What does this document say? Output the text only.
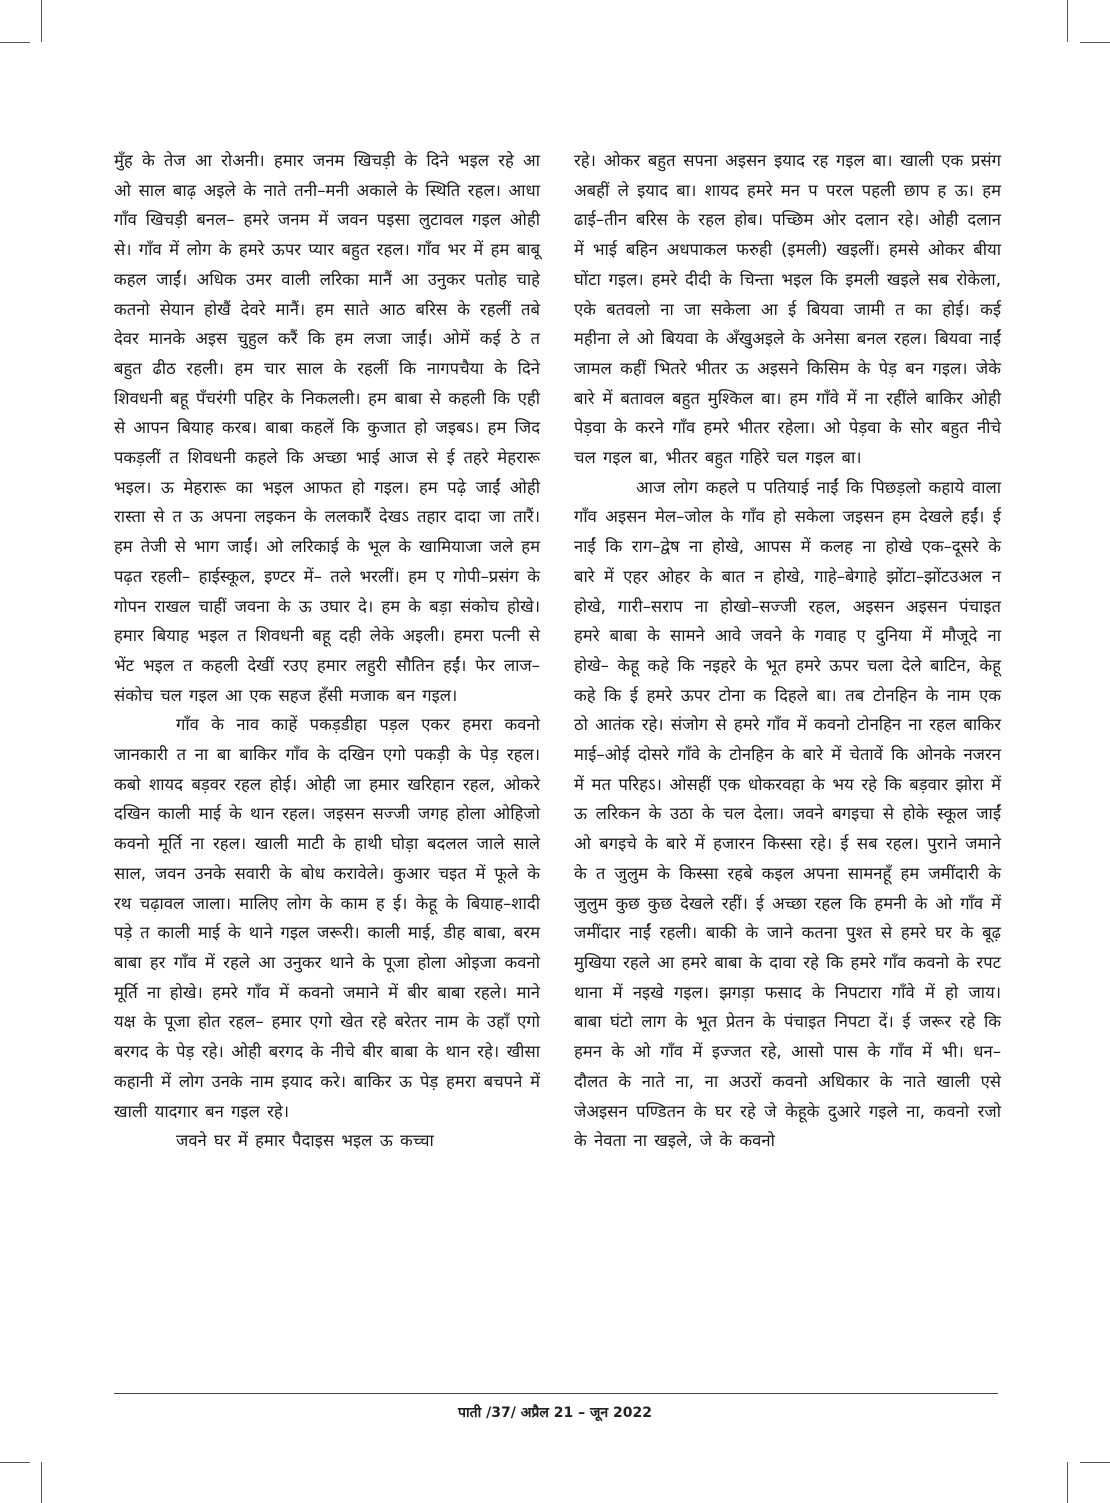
मुँह के तेज आ रोअनी। हमार जनम खिचड़ी के दिने भइल रहे आ ओ साल बाढ़ अइले के नाते तनी–मनी अकाले के स्थिति रहल। आधा गाँव खिचड़ी बनल– हमरे जनम में जवन पइसा लुटावल गइल ओही से। गाँव में लोग के हमरे ऊपर प्यार बहुत रहल। गाँव भर में हम बाबू कहल जाईं। अधिक उमर वाली लरिका मानैं आ उनुकर पतोह चाहे कतनो सेयान होखैं देवरे मानैं। हम साते आठ बरिस के रहलीं तबे देवर मानके अइस चुहुल करैं कि हम लजा जाईं। ओमें कई ठे त बहुत ढीठ रहली। हम चार साल के रहलीं कि नागपचैया के दिने शिवधनी बहू पँचरंगी पहिर के निकलली। हम बाबा से कहली कि एही से आपन बियाह करब। बाबा कहलें कि कुजात हो जइबऽ। हम जिद पकड़लीं त शिवधनी कहले कि अच्छा भाई आज से ई तहरे मेहरारू भइल। ऊ मेहरारू का भइल आफत हो गइल। हम पढ़े जाईं ओही रास्ता से त ऊ अपना लइकन के ललकारैं देखऽ तहार दादा जा तारैं। हम तेजी से भाग जाईं। ओ लरिकाई के भूल के खामियाजा जले हम पढ़त रहली– हाईस्कूल, इण्टर में– तले भरलीं। हम ए गोपी–प्रसंग के गोपन राखल चाहीं जवना के ऊ उघार दे। हम के बड़ा संकोच होखे। हमार बियाह भइल त शिवधनी बहू दही लेके अइली। हमरा पत्नी से भेंट भइल त कहली देखीं रउए हमार लहुरी सौतिन हईं। फेर लाज–संकोच चल गइल आ एक सहज हँसी मजाक बन गइल।

गाँव के नाव काहें पकड़डीहा पड़ल एकर हमरा कवनो जानकारी त ना बा बाकिर गाँव के दखिन एगो पकड़ी के पेड़ रहल। कबो शायद बड़वर रहल होई। ओही जा हमार खरिहान रहल, ओकरे दखिन काली माई के थान रहल। जइसन सज्जी जगह होला ओहिजो कवनो मूर्ति ना रहल। खाली माटी के हाथी घोड़ा बदलल जाले साले साल, जवन उनके सवारी के बोध करावेले। कुआर चइत में फूले के रथ चढ़ावल जाला। मालिए लोग के काम ह ई। केहू के बियाह–शादी पड़े त काली माई के थाने गइल जरूरी। काली माई, डीह बाबा, बरम बाबा हर गाँव में रहले आ उनुकर थाने के पूजा होला ओइजा कवनो मूर्ति ना होखे। हमरे गाँव में कवनो जमाने में बीर बाबा रहले। माने यक्ष के पूजा होत रहल– हमार एगो खेत रहे बरेतर नाम के उहाँ एगो बरगद के पेड़ रहे। ओही बरगद के नीचे बीर बाबा के थान रहे। खीसा कहानी में लोग उनके नाम इयाद करे। बाकिर ऊ पेड़ हमरा बचपने में खाली यादगार बन गइल रहे।

जवने घर में हमार पैदाइस भइल ऊ कच्चा

रहे। ओकर बहुत सपना अइसन इयाद रह गइल बा। खाली एक प्रसंग अबहीं ले इयाद बा। शायद हमरे मन प परल पहली छाप ह ऊ। हम ढाई–तीन बरिस के रहल होब। पच्छिम ओर दलान रहे। ओही दलान में भाई बहिन अधपाकल फरुही (इमली) खइलीं। हमसे ओकर बीया घोंटा गइल। हमरे दीदी के चिन्ता भइल कि इमली खइले सब रोकेला, एके बतवलो ना जा सकेला आ ई बियवा जामी त का होई। कई महीना ले ओ बियवा के अँखुअइले के अनेसा बनल रहल। बियवा नाईं जामल कहीं भितरे भीतर ऊ अइसने किसिम के पेड़ बन गइल। जेके बारे में बतावल बहुत मुश्किल बा। हम गाँवे में ना रहींले बाकिर ओही पेड़वा के करने गाँव हमरे भीतर रहेला। ओ पेड़वा के सोर बहुत नीचे चल गइल बा, भीतर बहुत गहिरे चल गइल बा।

आज लोग कहले प पतियाई नाईं कि पिछड़लो कहाये वाला गाँव अइसन मेल–जोल के गाँव हो सकेला जइसन हम देखले हईं। ई नाईं कि राग–द्वेष ना होखे, आपस में कलह ना होखे एक–दूसरे के बारे में एहर ओहर के बात न होखे, गाहे–बेगाहे झोंटा–झोंटउअल न होखे, गारी–सराप ना होखो–सज्जी रहल, अइसन अइसन पंचाइत हमरे बाबा के सामने आवे जवने के गवाह ए दुनिया में मौजूदे ना होखे– केहू कहे कि नइहरे के भूत हमरे ऊपर चला देले बाटिन, केहू कहे कि ई हमरे ऊपर टोना क दिहले बा। तब टोनहिन के नाम एक ठो आतंक रहे। संजोग से हमरे गाँव में कवनो टोनहिन ना रहल बाकिर माई–ओई दोसरे गाँवे के टोनहिन के बारे में चेतावें कि ओनके नजरन में मत परिहऽ। ओसहीं एक धोकरवहा के भय रहे कि बड़वार झोरा में ऊ लरिकन के उठा के चल देला। जवने बगइचा से होके स्कूल जाईं ओ बगइचे के बारे में हजारन किस्सा रहे। ई सब रहल। पुराने जमाने के त जुलुम के किस्सा रहबे कइल अपना सामनहूँ हम जमींदारी के जुलुम कुछ कुछ देखले रहीं। ई अच्छा रहल कि हमनी के ओ गाँव में जमींदार नाईं रहली। बाकी के जाने कतना पुश्त से हमरे घर के बूढ़ मुखिया रहले आ हमरे बाबा के दावा रहे कि हमरे गाँव कवनो के रपट थाना में नइखे गइल। झगड़ा फसाद के निपटारा गाँवे में हो जाय। बाबा घंटो लाग के भूत प्रेतन के पंचाइत निपटा दें। ई जरूर रहे कि हमन के ओ गाँव में इज्जत रहे, आसो पास के गाँव में भी। धन–दौलत के नाते ना, ना अउरों कवनो अधिकार के नाते खाली एसे जेअइसन पण्डितन के घर रहे जे केहूके दुआरे गइले ना, कवनो रजो के नेवता ना खइले, जे के कवनो

पाती /37/ अप्रैल 21 – जून 2022
